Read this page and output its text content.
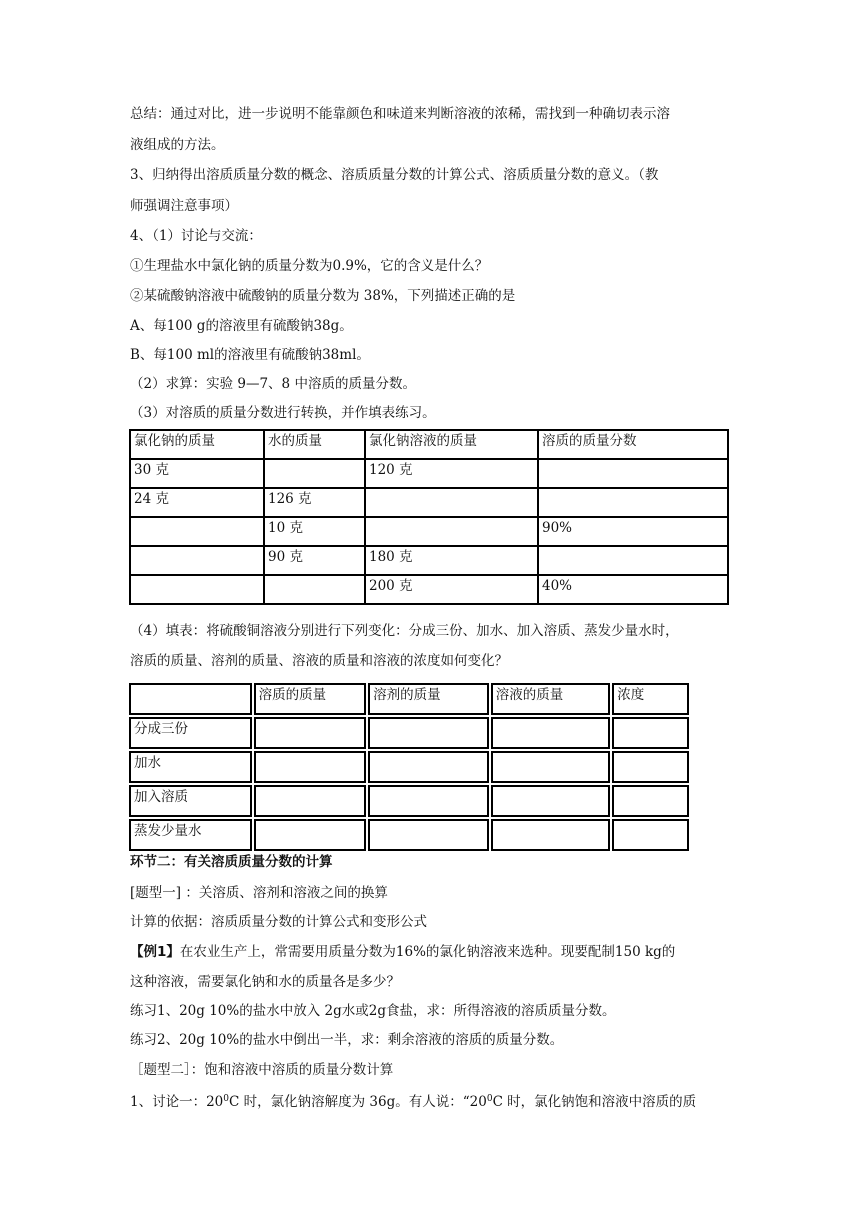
总结：通过对比，进一步说明不能靠颜色和味道来判断溶液的浓稀，需找到一种确切表示溶
液组成的方法。
3、归纳得出溶质质量分数的概念、溶质质量分数的计算公式、溶质质量分数的意义。（教
师强调注意事项）
4、（1）讨论与交流：
①生理盐水中氯化钠的质量分数为0.9%，它的含义是什么？
②某硫酸钠溶液中硫酸钠的质量分数为 38%，下列描述正确的是
A、每100 g的溶液里有硫酸钠38g。
B、每100 ml的溶液里有硫酸钠38ml。
（2）求算：实验 9—7、8 中溶质的质量分数。
（3）对溶质的质量分数进行转换，并作填表练习。
氯化钠的质量	水的质量	氯化钠溶液的质量	溶质的质量分数
30 克		120 克	
24 克	126 克		
	10 克		90%
	90 克	180 克	
		200 克	40%
（4）填表：将硫酸铜溶液分别进行下列变化：分成三份、加水、加入溶质、蒸发少量水时，
溶质的质量、溶剂的质量、溶液的质量和溶液的浓度如何变化？
	溶质的质量	溶剂的质量	溶液的质量	浓度
分成三份				
加水				
加入溶质				
蒸发少量水				
环节二：有关溶质质量分数的计算
[题型一] ：关溶质、溶剂和溶液之间的换算
计算的依据：溶质质量分数的计算公式和变形公式
【例1】在农业生产上，常需要用质量分数为16%的氯化钠溶液来选种。现要配制150 kg的
这种溶液，需要氯化钠和水的质量各是多少？
练习1、20g 10%的盐水中放入 2g水或2g食盐，求：所得溶液的溶质质量分数。
练习2、20g 10%的盐水中倒出一半，求：剩余溶液的溶质的质量分数。
［题型二］：饱和溶液中溶质的质量分数计算
1、讨论一：$20^0C$ 时，氯化钠溶解度为 36g。有人说：“$20^0C$ 时，氯化钠饱和溶液中溶质的质
